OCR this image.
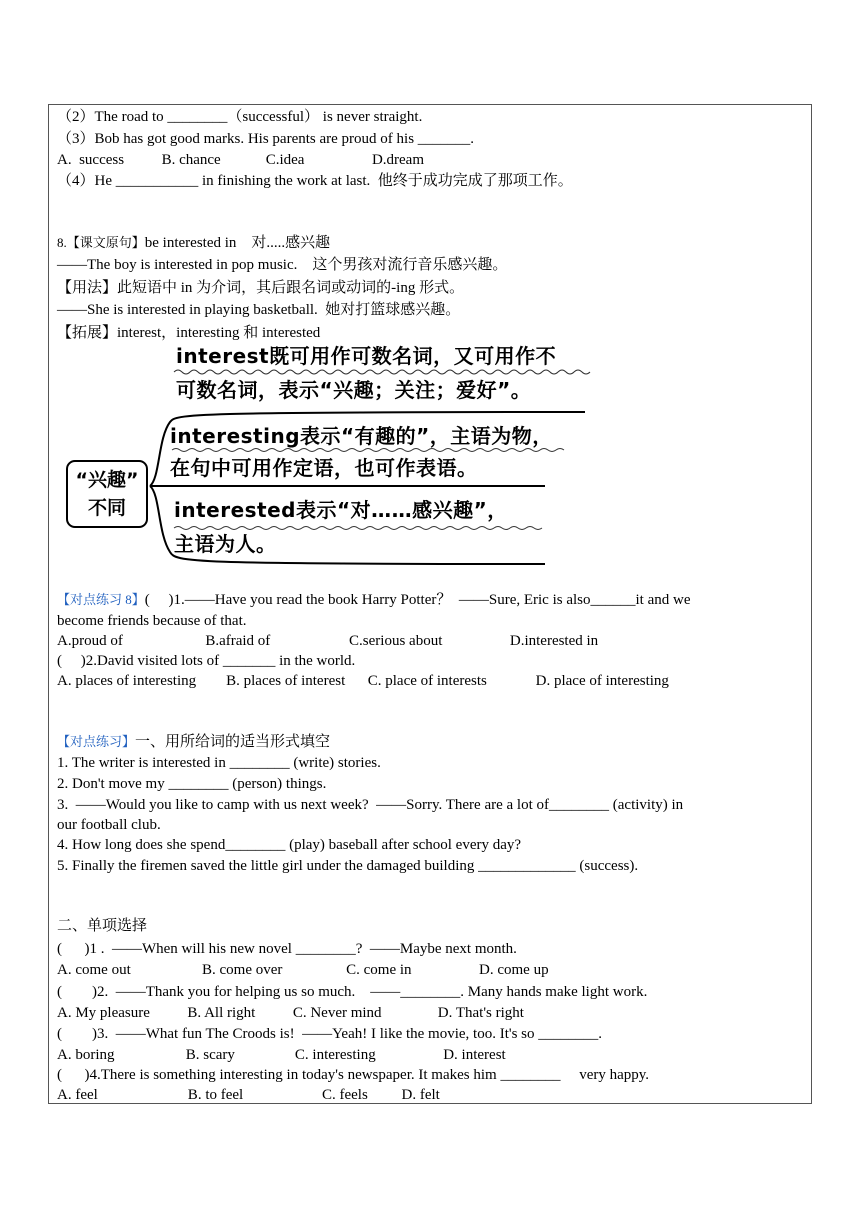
（2）The road to ________（successful） is never straight.
（3）Bob has got good marks. His parents are proud of his _______.
A.  success          B. chance            C.idea                  D.dream
（4）He ___________ in finishing the work at last.  他终于成功完成了那项工作。
8.【课文原句】be interested in    对.....感兴趣
——The boy is interested in pop music.    这个男孩对流行音乐感兴趣。
【用法】此短语中 in 为介词，其后跟名词或动词的-ing 形式。
——She is interested in playing basketball.  她对打篮球感兴趣。
【拓展】interest，interesting 和 interested
interest既可用作可数名词，又可用作不
可数名词，表示“兴趣；关注；爱好”。
interesting表示“有趣的”，主语为物，
在句中可用作定语，也可作表语。
interested表示“对……感兴趣”，
主语为人。
“兴趣”
不同
【对点练习 8】(     )1.——Have you read the book Harry Potter？  ——Sure, Eric is also______it and we
become friends because of that.
A.proud of                      B.afraid of                     C.serious about                  D.interested in
(     )2.David visited lots of _______ in the world.
A. places of interesting        B. places of interest      C. place of interests             D. place of interesting
【对点练习】一、用所给词的适当形式填空
1. The writer is interested in ________ (write) stories.
2. Don't move my ________ (person) things.
3.  ——Would you like to camp with us next week?  ——Sorry. There are a lot of________ (activity) in
our football club.
4. How long does she spend________ (play) baseball after school every day?
5. Finally the firemen saved the little girl under the damaged building _____________ (success).
二、单项选择
(      )1 .  ——When will his new novel ________?  ——Maybe next month.
A. come out                   B. come over                 C. come in                  D. come up
(        )2.  ——Thank you for helping us so much.    ——________. Many hands make light work.
A. My pleasure          B. All right          C. Never mind               D. That's right
(        )3.  ——What fun The Croods is!  ——Yeah! I like the movie, too. It's so ________.
A. boring                   B. scary                C. interesting                  D. interest
(      )4.There is something interesting in today's newspaper. It makes him ________     very happy.
A. feel                        B. to feel                     C. feels         D. felt
